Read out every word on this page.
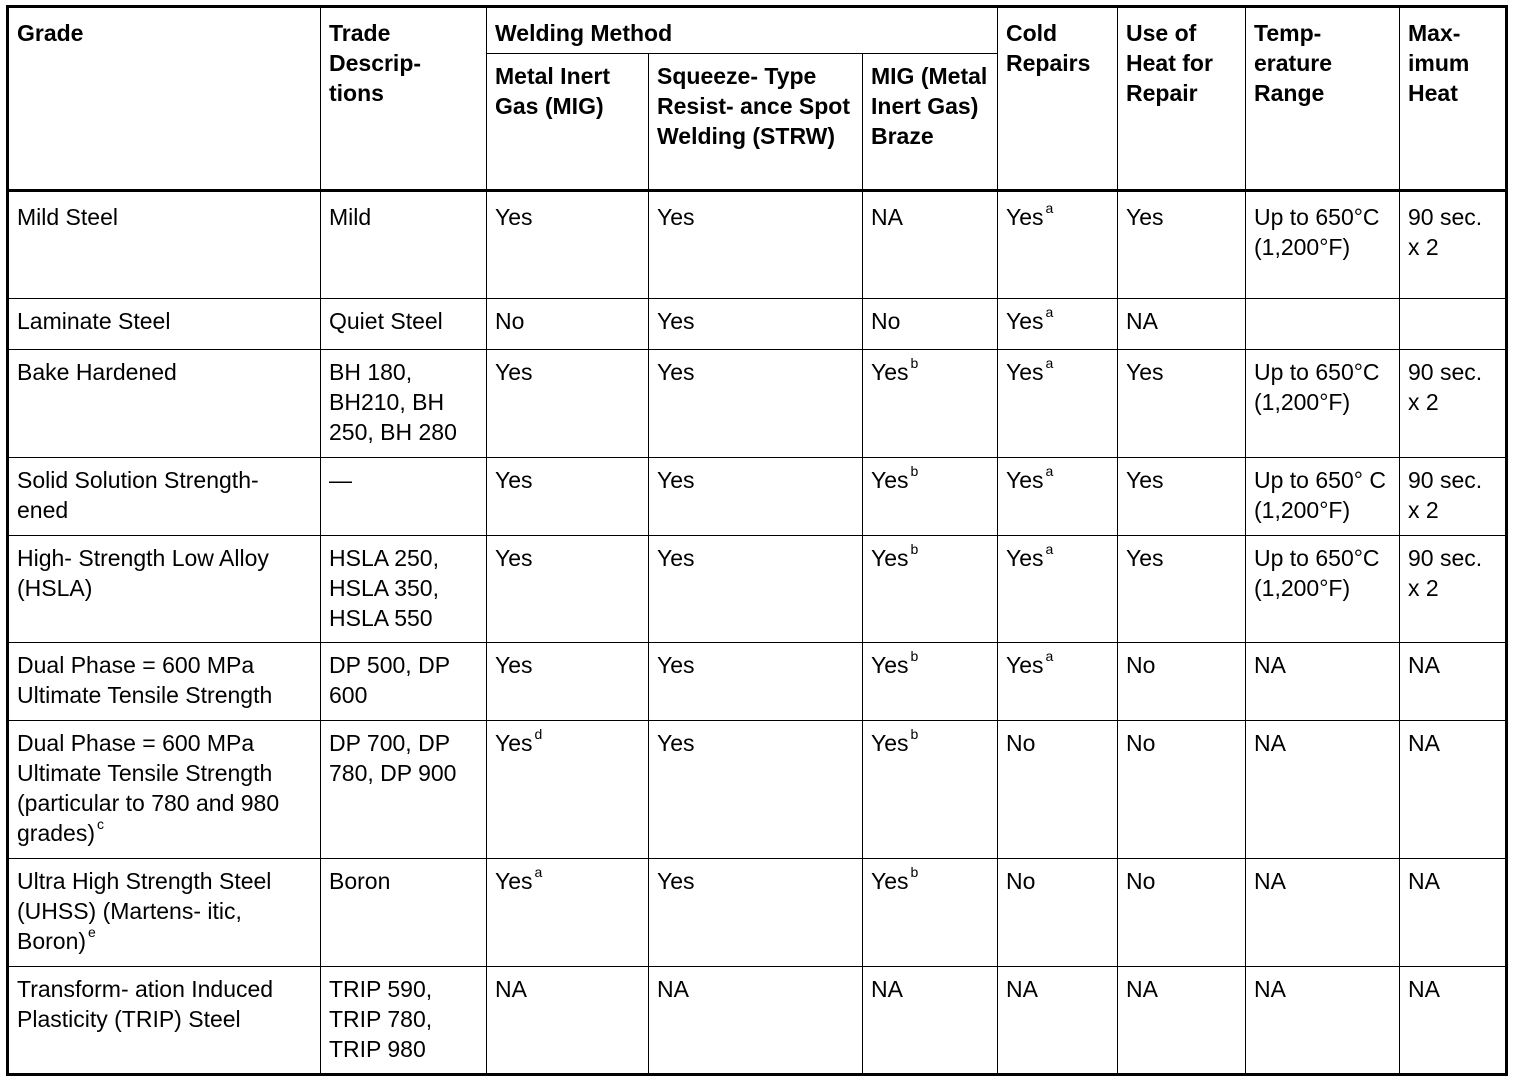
Grade	Trade Descrip- tions	Welding Method			Cold Repairs	Use of Heat for Repair	Temp- erature Range	Max- imum Heat
		Metal Inert Gas (MIG)	Squeeze- Type Resist- ance Spot Welding (STRW)	MIG (Metal Inert Gas) Braze				
Mild Steel	Mild	Yes	Yes	NA	Yes $^a$	Yes	Up to 650°C (1,200°F)	90 sec. x 2
Laminate Steel	Quiet Steel	No	Yes	No	Yes $^a$	NA		
Bake Hardened	BH 180, BH210, BH 250, BH 280	Yes	Yes	Yes $^b$	Yes $^a$	Yes	Up to 650°C (1,200°F)	90 sec. x 2
Solid Solution Strength- ened	—	Yes	Yes	Yes $^b$	Yes $^a$	Yes	Up to 650° C (1,200°F)	90 sec. x 2
High- Strength Low Alloy (HSLA)	HSLA 250, HSLA 350, HSLA 550	Yes	Yes	Yes $^b$	Yes $^a$	Yes	Up to 650°C (1,200°F)	90 sec. x 2
Dual Phase = 600 MPa Ultimate Tensile Strength	DP 500, DP 600	Yes	Yes	Yes $^b$	Yes $^a$	No	NA	NA
Dual Phase = 600 MPa Ultimate Tensile Strength (particular to 780 and 980 grades) $^c$	DP 700, DP 780, DP 900	Yes $^d$	Yes	Yes $^b$	No	No	NA	NA
Ultra High Strength Steel (UHSS) (Martens- itic, Boron) $^e$	Boron	Yes $^a$	Yes	Yes $^b$	No	No	NA	NA
Transform- ation Induced Plasticity (TRIP) Steel	TRIP 590, TRIP 780, TRIP 980	NA	NA	NA	NA	NA	NA	NA
